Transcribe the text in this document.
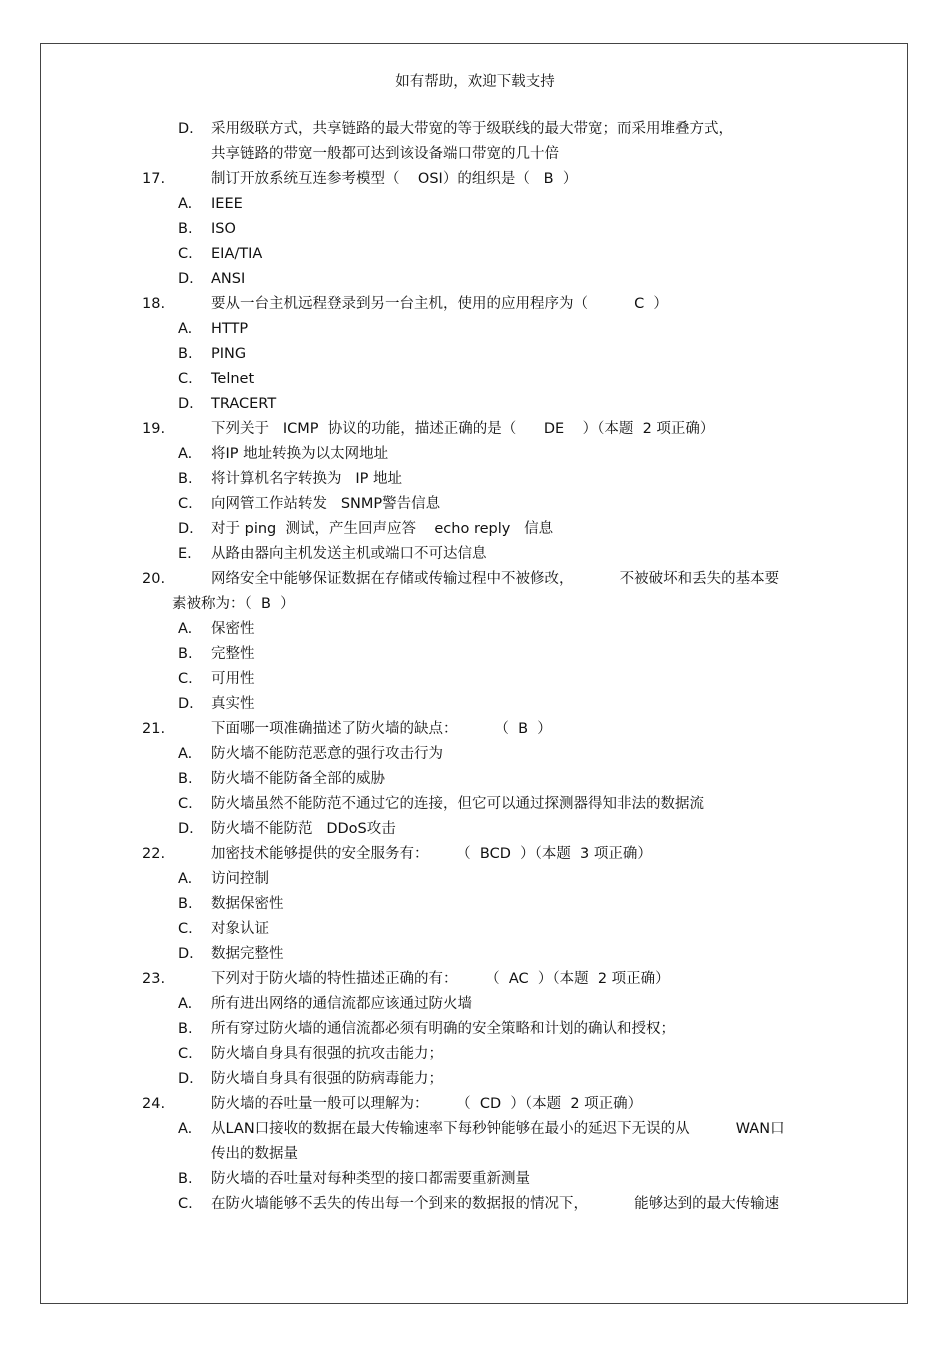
如有帮助，欢迎下载支持
D. 采用级联方式，共享链路的最大带宽的等于级联线的最大带宽；而采用堆叠方式，
共享链路的带宽一般都可达到该设备端口带宽的几十倍
17.	制订开放系统互连参考模型（    OSI）的组织是（   B  ）
A. IEEE
B. ISO
C. EIA/TIA
D. ANSI
18.	要从一台主机远程登录到另一台主机，使用的应用程序为（          C  ）
A. HTTP
B. PING
C. Telnet
D. TRACERT
19.	下列关于   ICMP  协议的功能，描述正确的是（      DE    ）（本题  2 项正确）
A. 将IP 地址转换为以太网地址
B. 将计算机名字转换为   IP 地址
C. 向网管工作站转发   SNMP警告信息
D. 对于 ping  测试，产生回声应答    echo reply   信息
E. 从路由器向主机发送主机或端口不可达信息
20.	网络安全中能够保证数据在存储或传输过程中不被修改，          不被破坏和丢失的基本要
素被称为：（  B  ）
A. 保密性
B. 完整性
C. 可用性
D. 真实性
21.	下面哪一项准确描述了防火墙的缺点：        （  B  ）
A. 防火墙不能防范恶意的强行攻击行为
B. 防火墙不能防备全部的威胁
C. 防火墙虽然不能防范不通过它的连接，但它可以通过探测器得知非法的数据流
D. 防火墙不能防范   DDoS攻击
22.	加密技术能够提供的安全服务有：      （  BCD  ）（本题  3 项正确）
A. 访问控制
B. 数据保密性
C. 对象认证
D. 数据完整性
23.	下列对于防火墙的特性描述正确的有：      （  AC  ）（本题  2 项正确）
A. 所有进出网络的通信流都应该通过防火墙
B. 所有穿过防火墙的通信流都必须有明确的安全策略和计划的确认和授权；
C. 防火墙自身具有很强的抗攻击能力；
D. 防火墙自身具有很强的防病毒能力；
24.	防火墙的吞吐量一般可以理解为：      （  CD  ）（本题  2 项正确）
A. 从LAN口接收的数据在最大传输速率下每秒钟能够在最小的延迟下无误的从          WAN口
传出的数据量
B. 防火墙的吞吐量对每种类型的接口都需要重新测量
C. 在防火墙能够不丢失的传出每一个到来的数据报的情况下，          能够达到的最大传输速
